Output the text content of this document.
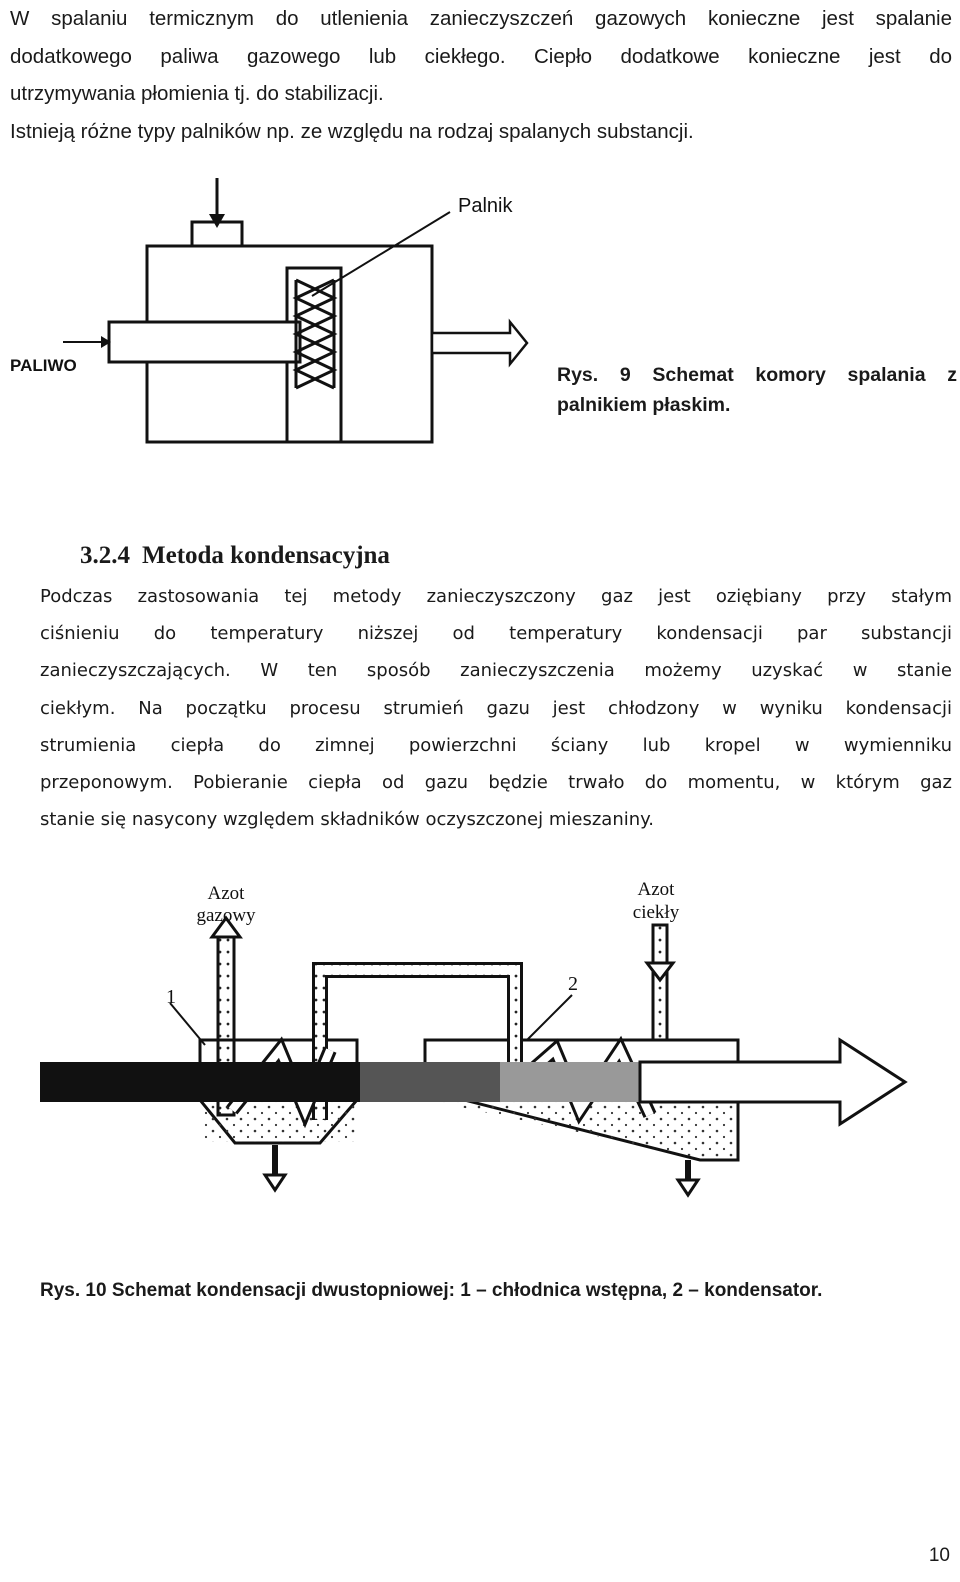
W spalaniu termicznym do utlenienia zanieczyszczeń gazowych konieczne jest spalanie
dodatkowego paliwa gazowego lub ciekłego. Ciepło dodatkowe konieczne jest do
utrzymywania płomienia tj. do stabilizacji.
Istnieją różne typy palników np. ze względu na rodzaj spalanych substancji.
Palnik
PALIWO	Rys. 9 Schemat komory spalania z
palnikiem płaskim.
3.2.4 Metoda kondensacyjna
Podczas zastosowania tej metody zanieczyszczony gaz jest oziębiany przy stałym
ciśnieniu do temperatury niższej od temperatury kondensacji par substancji
zanieczyszczających. W ten sposób zanieczyszczenia możemy uzyskać w stanie
ciekłym. Na początku procesu strumień gazu jest chłodzony w wyniku kondensacji
strumienia ciepła do zimnej powierzchni ściany lub kropel w wymienniku
przeponowym. Pobieranie ciepła od gazu będzie trwało do momentu, w którym gaz
stanie się nasycony względem składników oczyszczonej mieszaniny.
Azot
gazowy
Azot
ciekły
1
2
Rys. 10 Schemat kondensacji dwustopniowej: 1 – chłodnica wstępna, 2 – kondensator.
10
